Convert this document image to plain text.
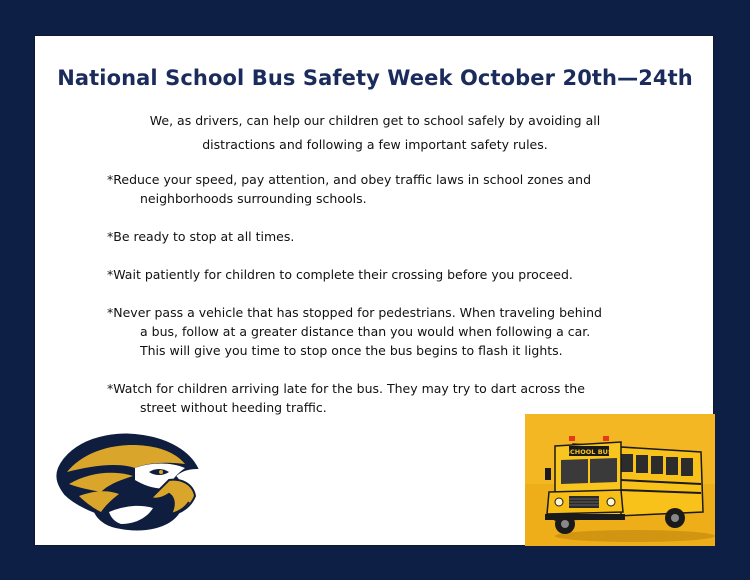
National School Bus Safety Week October 20th—24th
We, as drivers, can help our children get to school safely by avoiding all
distractions and following a few important safety rules.
*Reduce your speed, pay attention, and obey traffic laws in school zones and
neighborhoods surrounding schools.
*Be ready to stop at all times.
*Wait patiently for children to complete their crossing before you proceed.
*Never pass a vehicle that has stopped for pedestrians. When traveling behind
a bus, follow at a greater distance than you would when following a car.
This will give you time to stop once the bus begins to flash it lights.
*Watch for children arriving late for the bus. They may try to dart across the
street without heeding traffic.
SCHOOL BUS
